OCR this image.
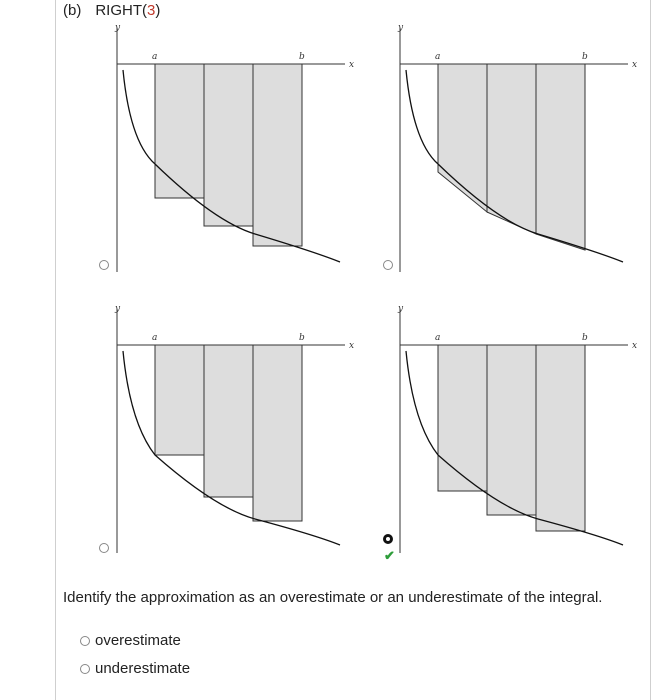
(b) RIGHT(3)
y
x
a	b
y
x
a	b
y
x
a	b
y
x
a	b
✔
Identify the approximation as an overestimate or an underestimate of the integral.
overestimate
underestimate
